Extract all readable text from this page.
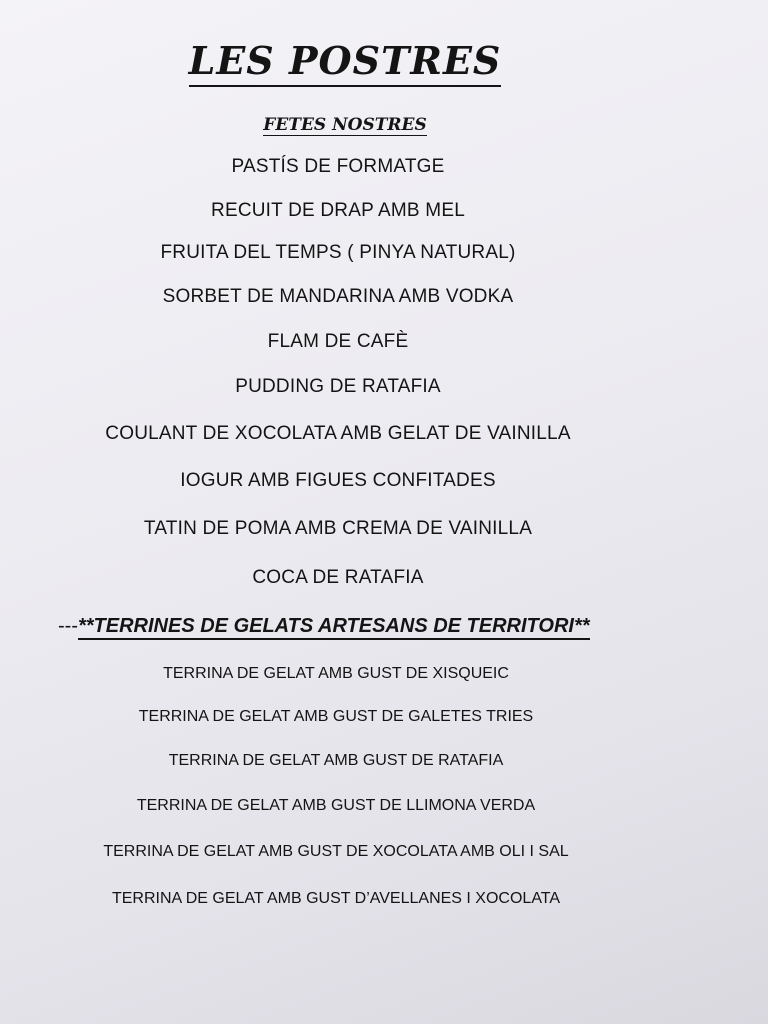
LES POSTRES
FETES NOSTRES
PASTÍS DE FORMATGE
RECUIT DE DRAP AMB MEL
FRUITA DEL TEMPS ( PINYA NATURAL)
SORBET DE MANDARINA AMB VODKA
FLAM DE CAFÈ
PUDDING DE RATAFIA
COULANT DE XOCOLATA AMB GELAT DE VAINILLA
IOGUR AMB FIGUES CONFITADES
TATIN DE POMA AMB CREMA DE VAINILLA
COCA DE RATAFIA
---**TERRINES DE GELATS ARTESANS DE TERRITORI**
TERRINA DE GELAT AMB GUST DE XISQUEIC
TERRINA DE GELAT AMB GUST DE GALETES TRIES
TERRINA DE GELAT AMB GUST DE RATAFIA
TERRINA DE GELAT AMB GUST DE LLIMONA VERDA
TERRINA DE GELAT AMB GUST DE XOCOLATA AMB OLI I SAL
TERRINA DE GELAT AMB GUST D’AVELLANES I XOCOLATA
